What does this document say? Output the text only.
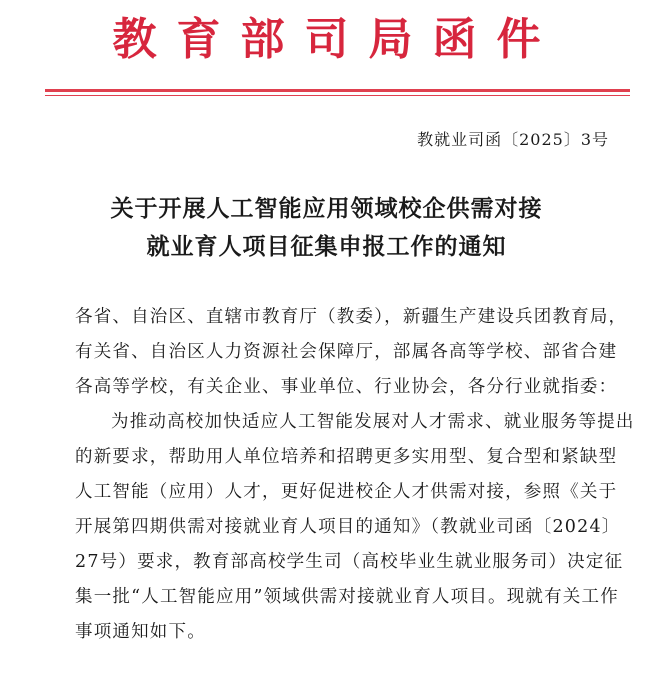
教育部司局函件
教就业司函〔2025〕3号
关于开展人工智能应用领域校企供需对接
就业育人项目征集申报工作的通知

各省、自治区、直辖市教育厅（教委），新疆生产建设兵团教育局，有关省、自治区人力资源社会保障厅，部属各高等学校、部省合建各高等学校，有关企业、事业单位、行业协会，各分行业就指委：

为推动高校加快适应人工智能发展对人才需求、就业服务等提出的新要求，帮助用人单位培养和招聘更多实用型、复合型和紧缺型人工智能（应用）人才，更好促进校企人才供需对接，参照《关于开展第四期供需对接就业育人项目的通知》（教就业司函〔2024〕27号）要求，教育部高校学生司（高校毕业生就业服务司）决定征集一批“人工智能应用”领域供需对接就业育人项目。现就有关工作事项通知如下。
